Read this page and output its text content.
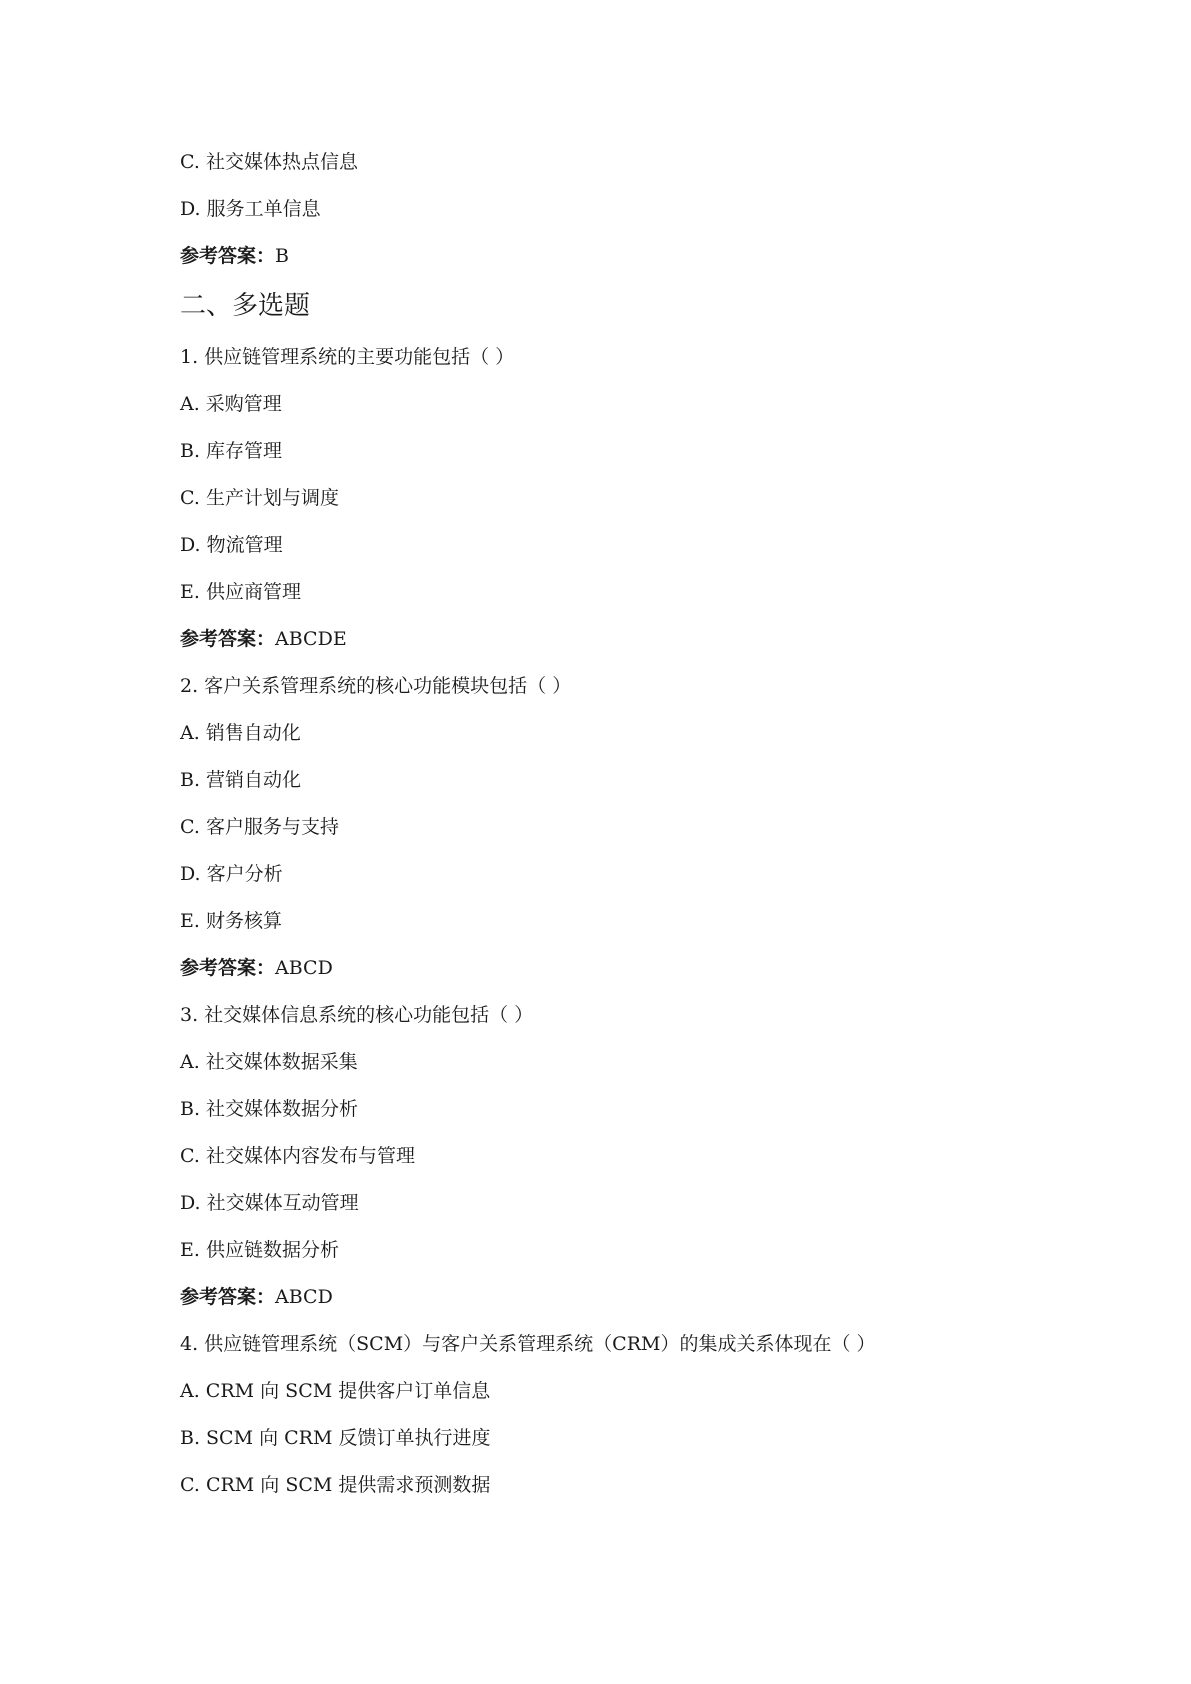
C. 社交媒体热点信息
D. 服务工单信息
参考答案：B
二、多选题
1. 供应链管理系统的主要功能包括（ ）
A. 采购管理
B. 库存管理
C. 生产计划与调度
D. 物流管理
E. 供应商管理
参考答案：ABCDE
2. 客户关系管理系统的核心功能模块包括（ ）
A. 销售自动化
B. 营销自动化
C. 客户服务与支持
D. 客户分析
E. 财务核算
参考答案：ABCD
3. 社交媒体信息系统的核心功能包括（ ）
A. 社交媒体数据采集
B. 社交媒体数据分析
C. 社交媒体内容发布与管理
D. 社交媒体互动管理
E. 供应链数据分析
参考答案：ABCD
4. 供应链管理系统（SCM）与客户关系管理系统（CRM）的集成关系体现在（ ）
A. CRM 向 SCM 提供客户订单信息
B. SCM 向 CRM 反馈订单执行进度
C. CRM 向 SCM 提供需求预测数据
